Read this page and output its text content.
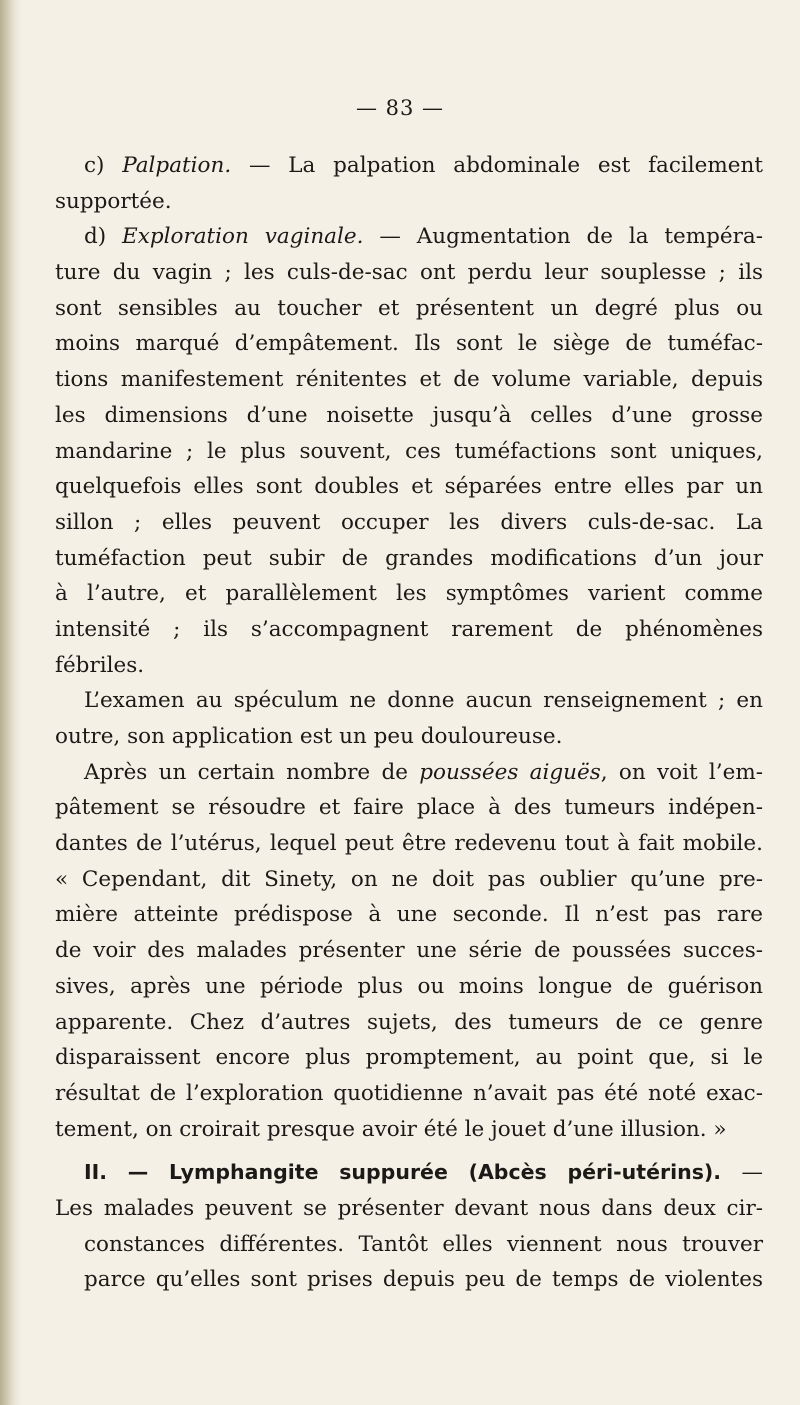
— 83 —
c) Palpation. — La palpation abdominale est facilement
supportée.
d) Exploration vaginale. — Augmentation de la tempéra-
ture du vagin ; les culs-de-sac ont perdu leur souplesse ; ils
sont sensibles au toucher et présentent un degré plus ou
moins marqué d’empâtement. Ils sont le siège de tuméfac-
tions manifestement rénitentes et de volume variable, depuis
les dimensions d’une noisette jusqu’à celles d’une grosse
mandarine ; le plus souvent, ces tuméfactions sont uniques,
quelquefois elles sont doubles et séparées entre elles par un
sillon ; elles peuvent occuper les divers culs-de-sac. La
tuméfaction peut subir de grandes modifications d’un jour
à l’autre, et parallèlement les symptômes varient comme
intensité ; ils s’accompagnent rarement de phénomènes
fébriles.
L’examen au spéculum ne donne aucun renseignement ; en
outre, son application est un peu douloureuse.
Après un certain nombre de poussées aiguës, on voit l’em-
pâtement se résoudre et faire place à des tumeurs indépen-
dantes de l’utérus, lequel peut être redevenu tout à fait mobile.
« Cependant, dit Sinety, on ne doit pas oublier qu’une pre-
mière atteinte prédispose à une seconde. Il n’est pas rare
de voir des malades présenter une série de poussées succes-
sives, après une période plus ou moins longue de guérison
apparente. Chez d’autres sujets, des tumeurs de ce genre
disparaissent encore plus promptement, au point que, si le
résultat de l’exploration quotidienne n’avait pas été noté exac-
tement, on croirait presque avoir été le jouet d’une illusion. »
II. — Lymphangite suppurée (Abcès péri-utérins). —
Les malades peuvent se présenter devant nous dans deux cir-
constances différentes. Tantôt elles viennent nous trouver
parce qu’elles sont prises depuis peu de temps de violentes
